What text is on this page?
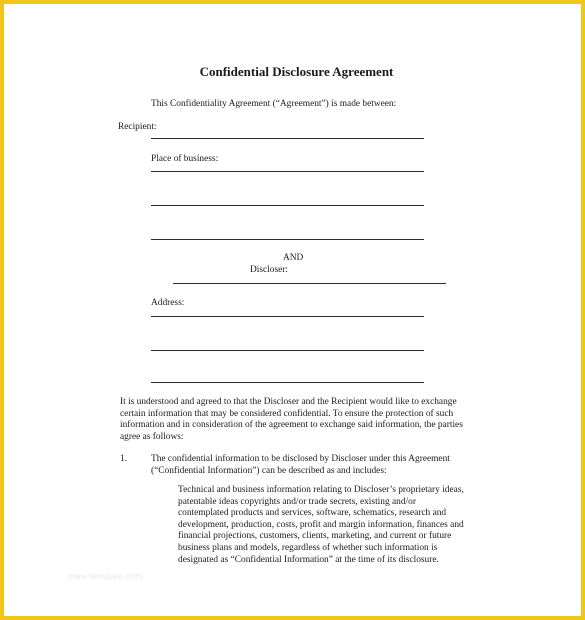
Confidential Disclosure Agreement
This Confidentiality Agreement (“Agreement”) is made between:
Recipient:
Place of business:
AND
Discloser:
Address:
It is understood and agreed to that the Discloser and the Recipient would like to exchange
certain information that may be considered confidential. To ensure the protection of such
information and in consideration of the agreement to exchange said information, the parties
agree as follows:
1.	The confidential information to be disclosed by Discloser under this Agreement
(“Confidential Information”) can be described as and includes:
Technical and business information relating to Discloser’s proprietary ideas,
patentable ideas copyrights and/or trade secrets, existing and/or
contemplated products and services, software, schematics, research and
development, production, costs, profit and margin information, finances and
financial projections, customers, clients, marketing, and current or future
business plans and models, regardless of whether such information is
designated as “Confidential Information” at the time of its disclosure.
www.template.com
